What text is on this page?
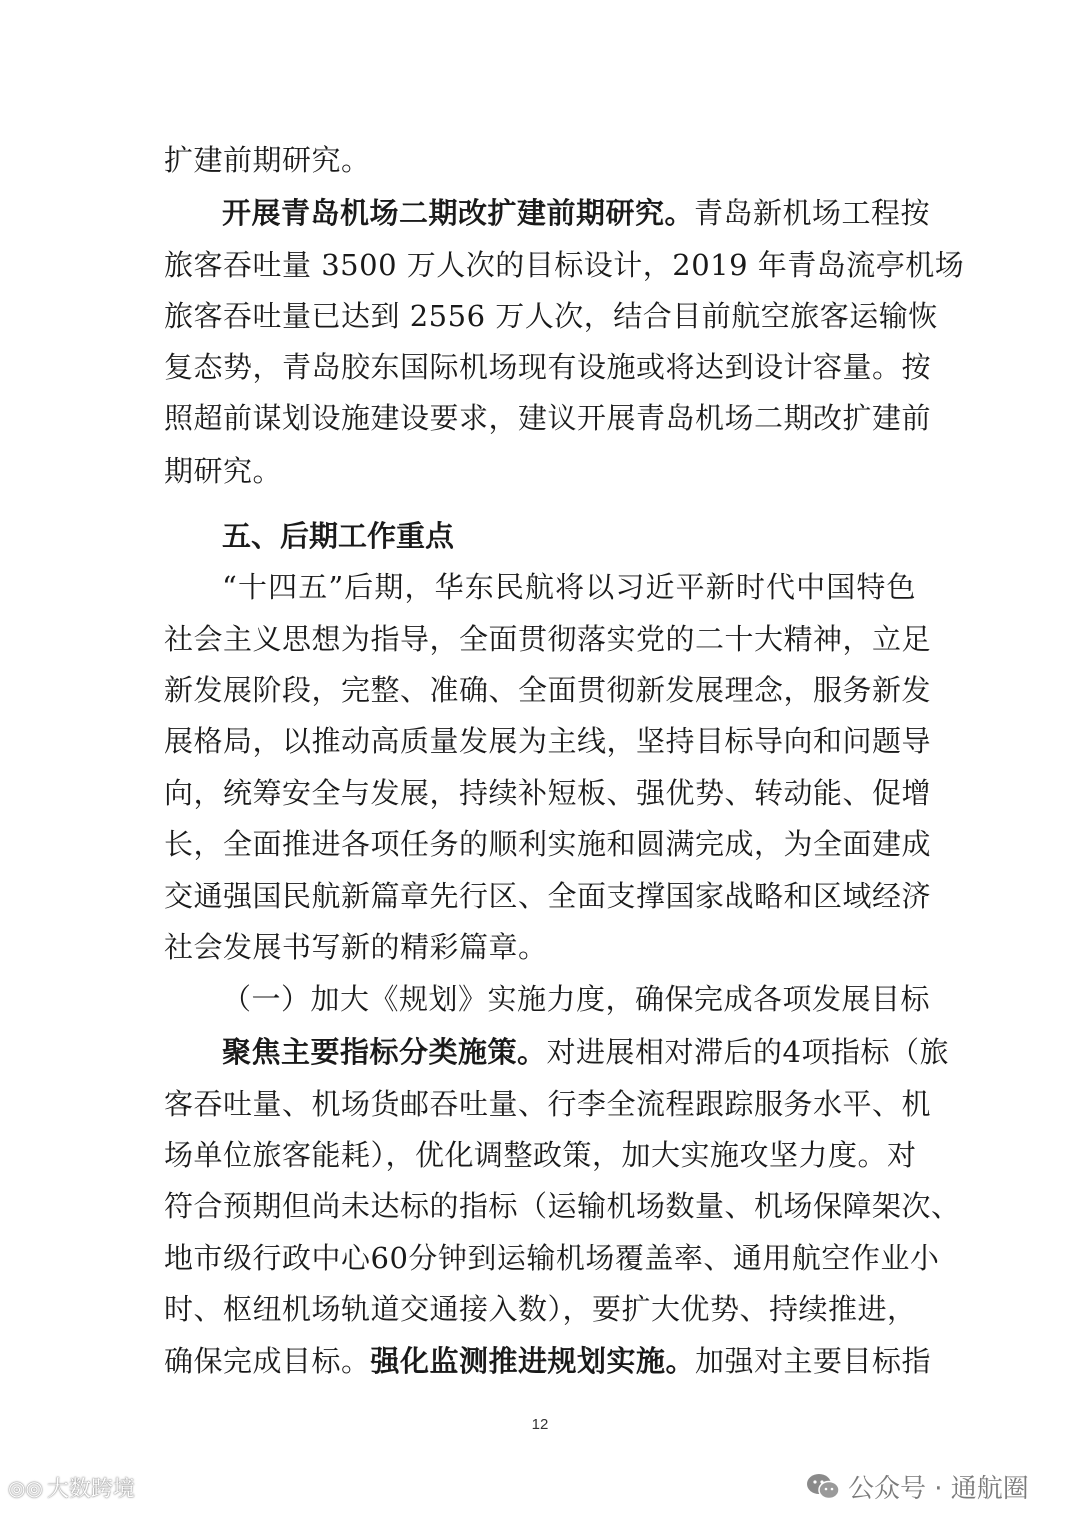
扩建前期研究。
开展青岛机场二期改扩建前期研究。青岛新机场工程按
旅客吞吐量 3500 万人次的目标设计，2019 年青岛流亭机场
旅客吞吐量已达到 2556 万人次，结合目前航空旅客运输恢
复态势，青岛胶东国际机场现有设施或将达到设计容量。按
照超前谋划设施建设要求，建议开展青岛机场二期改扩建前
期研究。
“十四五”后期，华东民航将以习近平新时代中国特色
社会主义思想为指导，全面贯彻落实党的二十大精神，立足
新发展阶段，完整、准确、全面贯彻新发展理念，服务新发
展格局，以推动高质量发展为主线，坚持目标导向和问题导
向，统筹安全与发展，持续补短板、强优势、转动能、促增
长，全面推进各项任务的顺利实施和圆满完成，为全面建成
交通强国民航新篇章先行区、全面支撑国家战略和区域经济
社会发展书写新的精彩篇章。
（一）加大《规划》实施力度，确保完成各项发展目标
聚焦主要指标分类施策。对进展相对滞后的4项指标（旅
客吞吐量、机场货邮吞吐量、行李全流程跟踪服务水平、机
场单位旅客能耗），优化调整政策，加大实施攻坚力度。对
符合预期但尚未达标的指标（运输机场数量、机场保障架次、
地市级行政中心60分钟到运输机场覆盖率、通用航空作业小
时、枢纽机场轨道交通接入数），要扩大优势、持续推进，
确保完成目标。强化监测推进规划实施。加强对主要目标指
五、后期工作重点
12
◎◎ 大数跨境	公众号 · 通航圈
